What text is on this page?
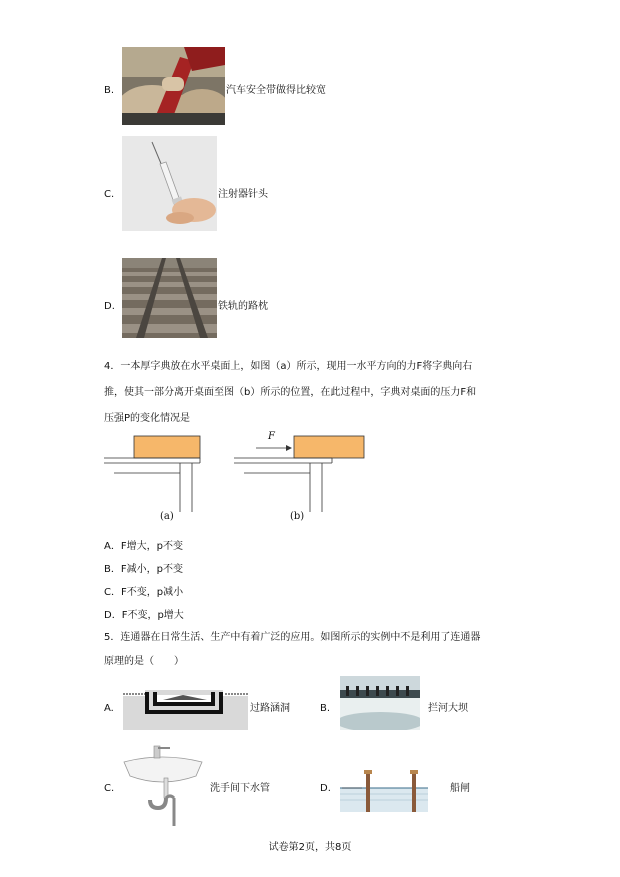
B.	汽车安全带做得比较宽
C.	注射器针头
D.	铁轨的路枕
4．一本厚字典放在水平桌面上，如图（a）所示，现用一水平方向的力F将字典向右
推，使其一部分离开桌面至图（b）所示的位置，在此过程中，字典对桌面的压力F和
压强P的变化情况是
F
(a)	(b)
A．F增大，p不变
B．F减小，p不变
C．F不变，p减小
D．F不变，p增大
5．连通器在日常生活、生产中有着广泛的应用。如图所示的实例中不是利用了连通器
原理的是（　　）
A.	过路涵洞	B.	拦河大坝
C.	洗手间下水管	D.	船闸
试卷第2页，共8页
